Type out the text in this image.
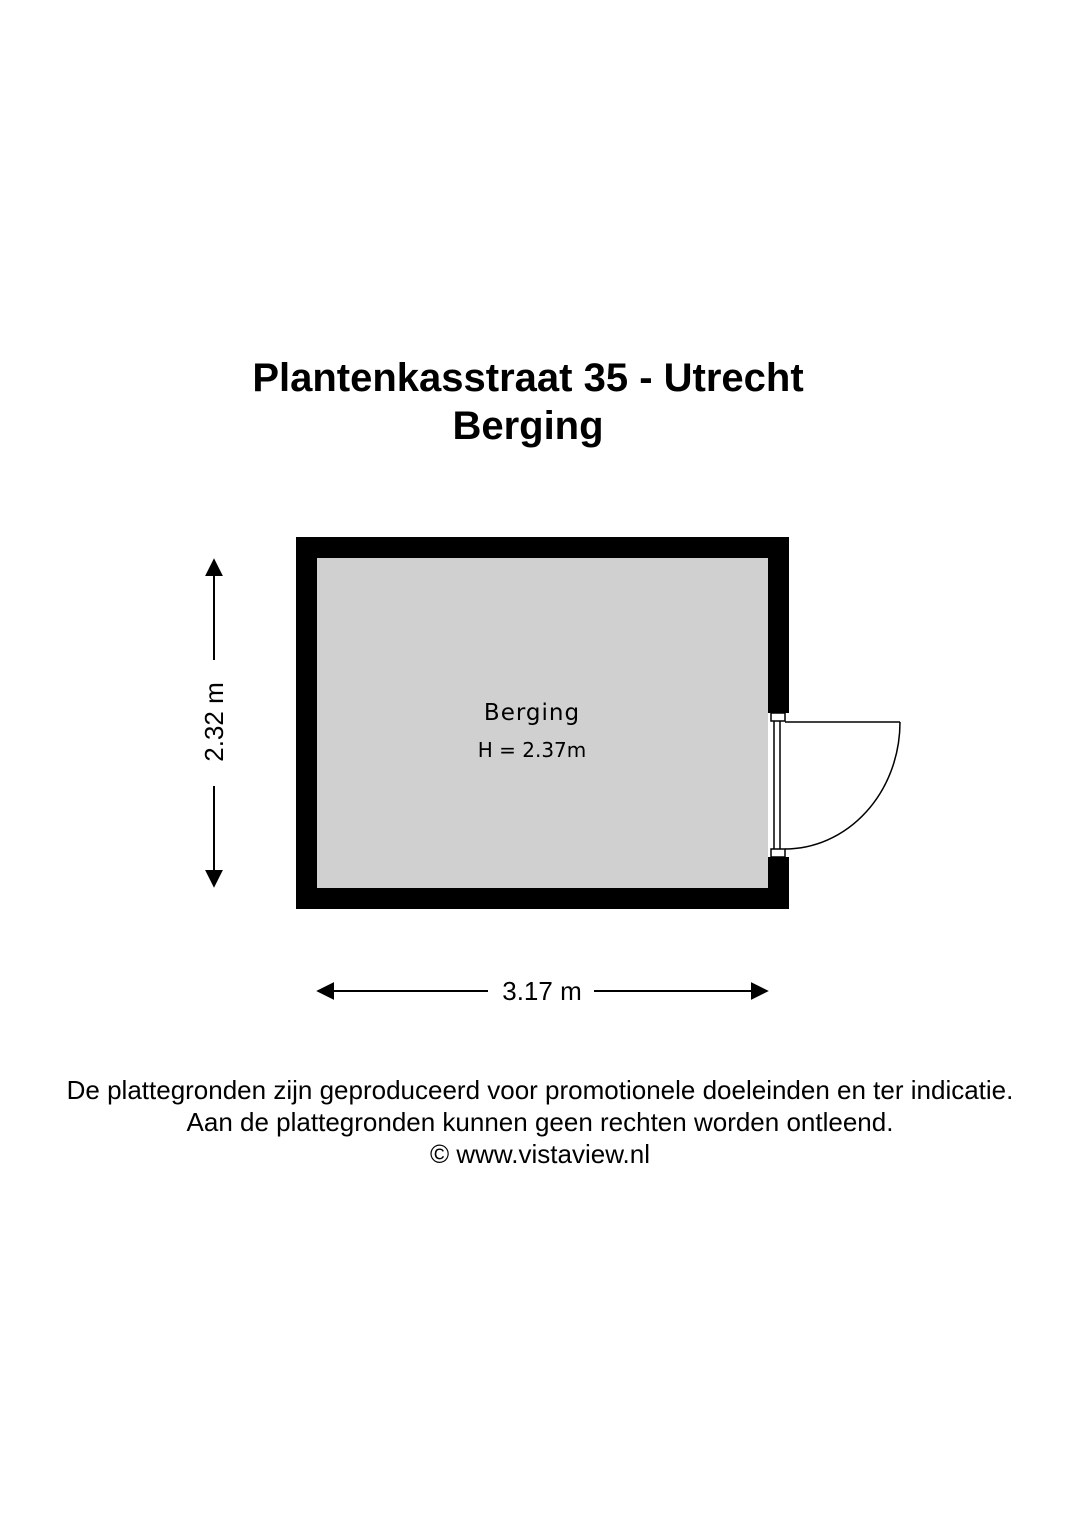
Plantenkasstraat 35 - Utrecht
Berging
Berging
H = 2.37m
3.17 m
2.32 m
De plattegronden zijn geproduceerd voor promotionele doeleinden en ter indicatie.
Aan de plattegronden kunnen geen rechten worden ontleend.
© www.vistaview.nl
